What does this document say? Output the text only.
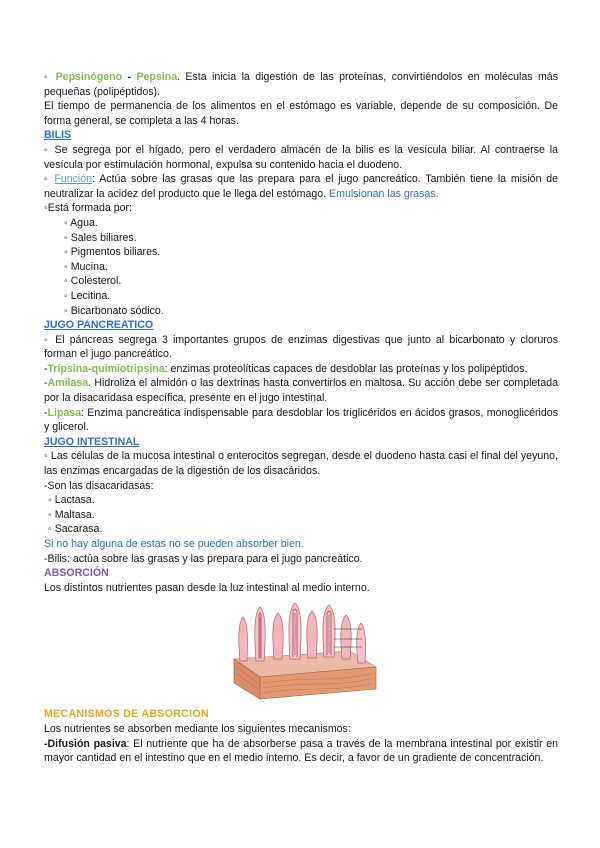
◦ Pepsinógeno - Pepsina. Esta inicia la digestión de las proteínas, convirtiéndolos en moléculas más pequeñas (polipéptidos).

El tiempo de permanencia de los alimentos en el estómago es variable, depende de su composición. De forma general, se completa a las 4 horas.

BILIS

◦ Se segrega por el hígado, pero el verdadero almacén de la bilis es la vesícula biliar. Al contraerse la vesícula por estimulación hormonal, expulsa su contenido hacia el duodeno.

◦ Función: Actúa sobre las grasas que las prepara para el jugo pancreático. También tiene la misión de neutralizar la acidez del producto que le llega del estómago. Emulsionan las grasas.

◦Está formada por:

◦ Agua.

◦ Sales biliares.

◦ Pigmentos biliares.

◦ Mucina.

◦ Colesterol.

◦ Lecitina.

◦ Bicarbonato sódico.

JUGO PANCREATICO

◦ El páncreas segrega 3 importantes grupos de enzimas digestivas que junto al bicarbonato y cloruros forman el jugo pancreático.

-Tripsina-quimiotripsina: enzimas proteolíticas capaces de desdoblar las proteínas y los polipéptidos.

-Amilasa. Hidroliza el almidón o las dextrinas hasta convertirlos en maltosa. Su acción debe ser completada por la disacaridasa específica, presente en el jugo intestinal.

-Lipasa: Enzima pancreática indispensable para desdoblar los triglicéridos en ácidos grasos, monoglicéridos y glicerol.

JUGO INTESTINAL

◦ Las células de la mucosa intestinal o enterocitos segregan, desde el duodeno hasta casi el final del yeyuno, las enzimas encargadas de la digestión de los disacáridos.

-Son las disacaridasas:

◦ Lactasa.

◦ Maltasa.

◦ Sacarasa.

Si no hay alguna de estas no se pueden absorber bien.

-Bilis: actúa sobre las grasas y las prepara para el jugo pancreático.

ABSORCIÓN

Los distintos nutrientes pasan desde la luz intestinal al medio interno.

MECANISMOS DE ABSORCIÓN

Los nutrientes se absorben mediante los siguientes mecanismos:

-Difusión pasiva: El nutriente que ha de absorberse pasa a través de la membrana intestinal por existir en mayor cantidad en el intestino que en el medio interno. Es decir, a favor de un gradiente de concentración.
